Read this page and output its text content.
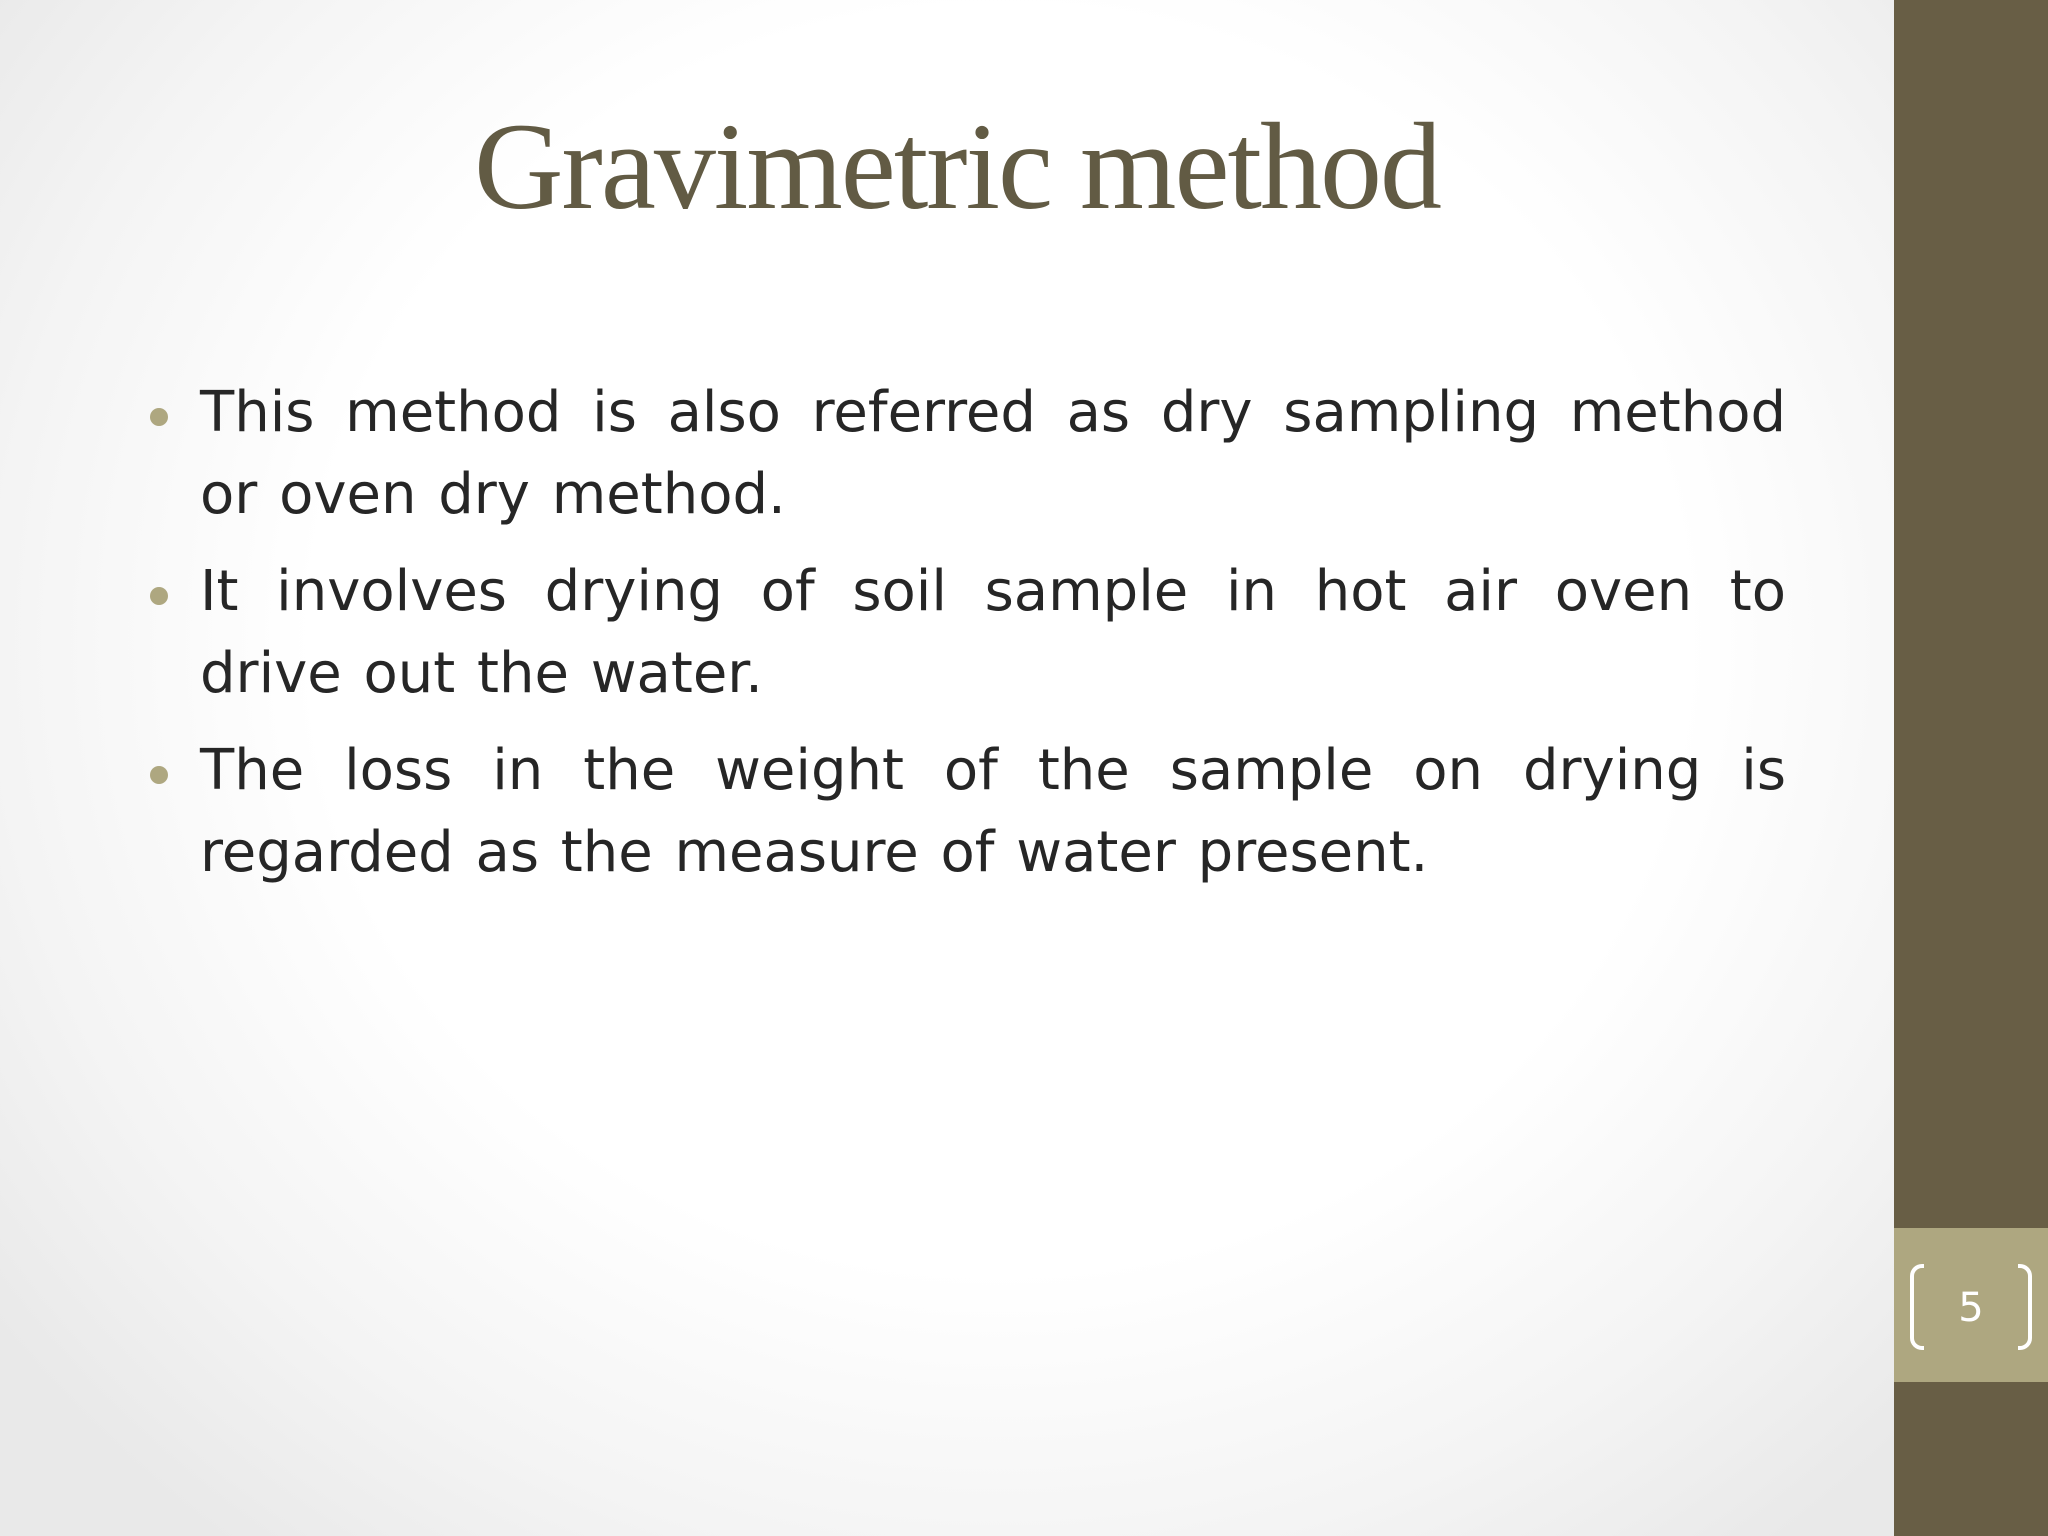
5
Gravimetric method
This method is also referred as dry sampling method or oven dry method.
It involves drying of soil sample in hot air oven to drive out the water.
The loss in the weight of the sample on drying is regarded as the measure of water present.
